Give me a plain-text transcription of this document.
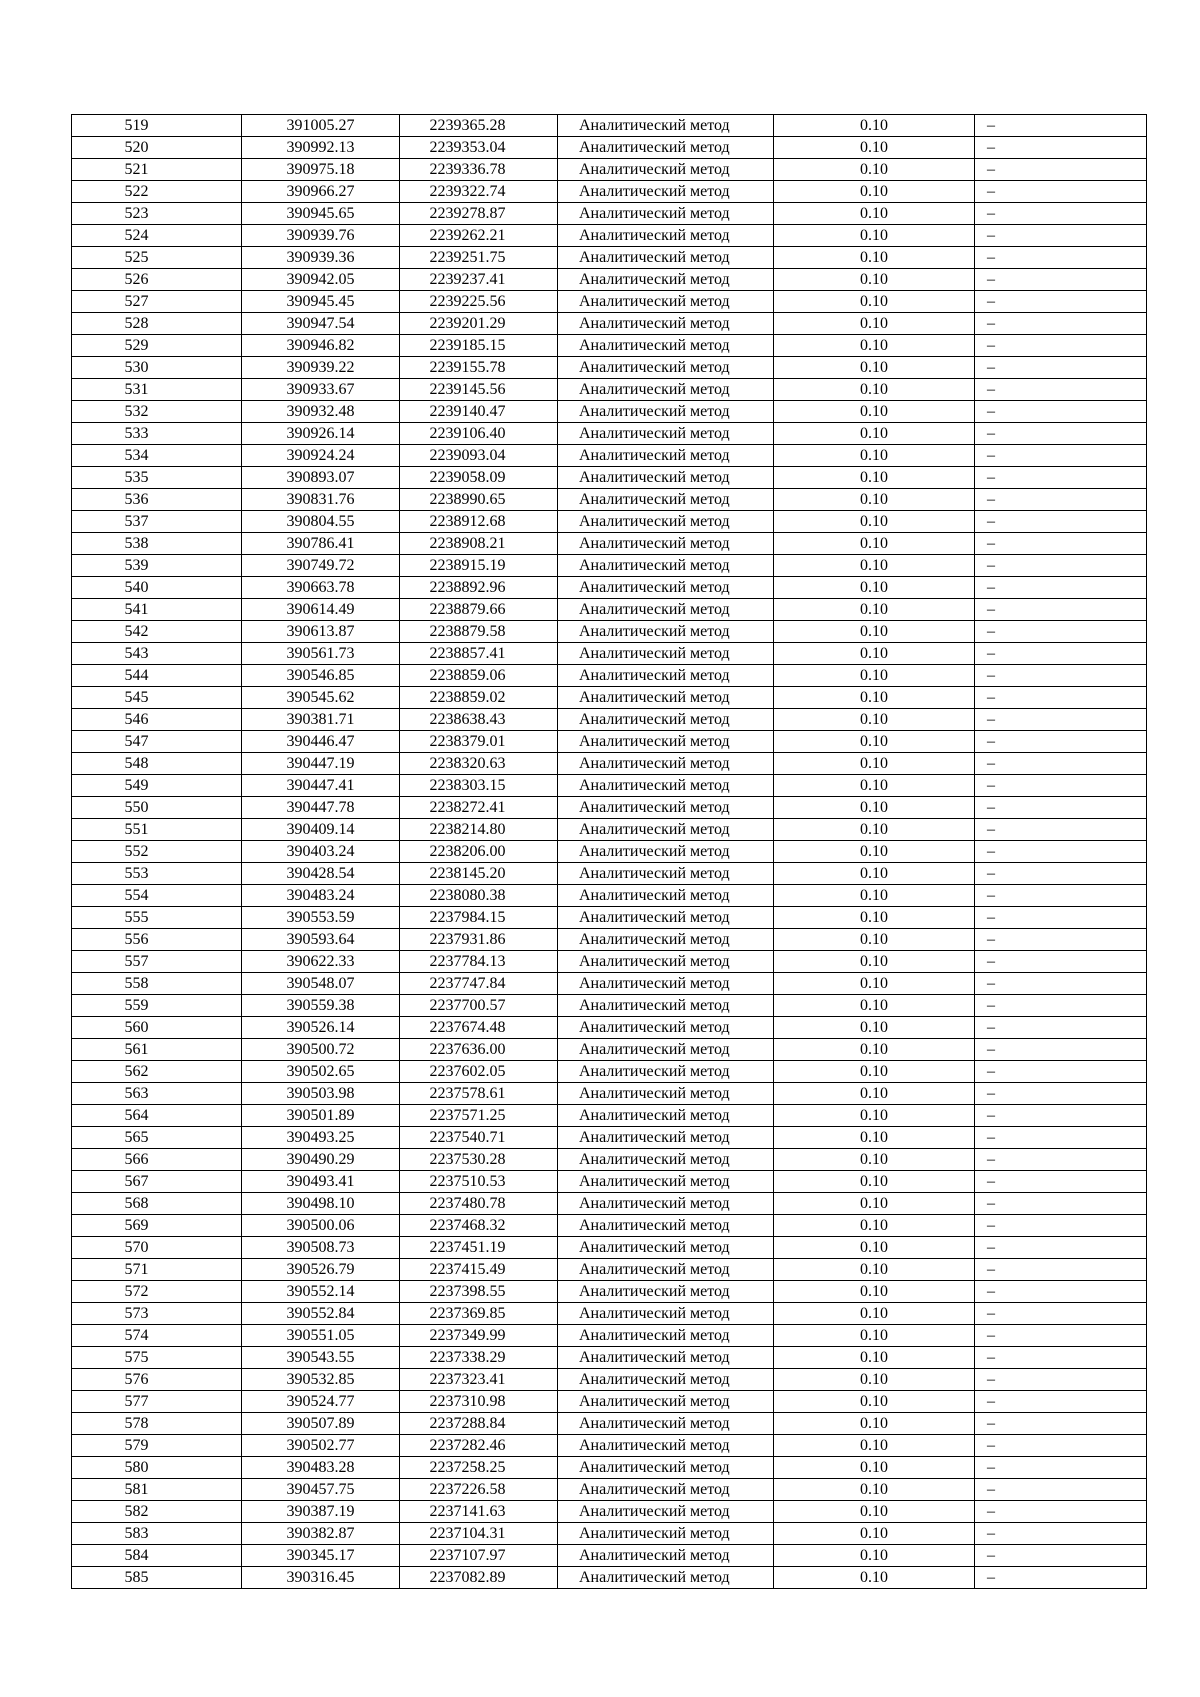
519	391005.27	2239365.28	Аналитический метод	0.10	–
520	390992.13	2239353.04	Аналитический метод	0.10	–
521	390975.18	2239336.78	Аналитический метод	0.10	–
522	390966.27	2239322.74	Аналитический метод	0.10	–
523	390945.65	2239278.87	Аналитический метод	0.10	–
524	390939.76	2239262.21	Аналитический метод	0.10	–
525	390939.36	2239251.75	Аналитический метод	0.10	–
526	390942.05	2239237.41	Аналитический метод	0.10	–
527	390945.45	2239225.56	Аналитический метод	0.10	–
528	390947.54	2239201.29	Аналитический метод	0.10	–
529	390946.82	2239185.15	Аналитический метод	0.10	–
530	390939.22	2239155.78	Аналитический метод	0.10	–
531	390933.67	2239145.56	Аналитический метод	0.10	–
532	390932.48	2239140.47	Аналитический метод	0.10	–
533	390926.14	2239106.40	Аналитический метод	0.10	–
534	390924.24	2239093.04	Аналитический метод	0.10	–
535	390893.07	2239058.09	Аналитический метод	0.10	–
536	390831.76	2238990.65	Аналитический метод	0.10	–
537	390804.55	2238912.68	Аналитический метод	0.10	–
538	390786.41	2238908.21	Аналитический метод	0.10	–
539	390749.72	2238915.19	Аналитический метод	0.10	–
540	390663.78	2238892.96	Аналитический метод	0.10	–
541	390614.49	2238879.66	Аналитический метод	0.10	–
542	390613.87	2238879.58	Аналитический метод	0.10	–
543	390561.73	2238857.41	Аналитический метод	0.10	–
544	390546.85	2238859.06	Аналитический метод	0.10	–
545	390545.62	2238859.02	Аналитический метод	0.10	–
546	390381.71	2238638.43	Аналитический метод	0.10	–
547	390446.47	2238379.01	Аналитический метод	0.10	–
548	390447.19	2238320.63	Аналитический метод	0.10	–
549	390447.41	2238303.15	Аналитический метод	0.10	–
550	390447.78	2238272.41	Аналитический метод	0.10	–
551	390409.14	2238214.80	Аналитический метод	0.10	–
552	390403.24	2238206.00	Аналитический метод	0.10	–
553	390428.54	2238145.20	Аналитический метод	0.10	–
554	390483.24	2238080.38	Аналитический метод	0.10	–
555	390553.59	2237984.15	Аналитический метод	0.10	–
556	390593.64	2237931.86	Аналитический метод	0.10	–
557	390622.33	2237784.13	Аналитический метод	0.10	–
558	390548.07	2237747.84	Аналитический метод	0.10	–
559	390559.38	2237700.57	Аналитический метод	0.10	–
560	390526.14	2237674.48	Аналитический метод	0.10	–
561	390500.72	2237636.00	Аналитический метод	0.10	–
562	390502.65	2237602.05	Аналитический метод	0.10	–
563	390503.98	2237578.61	Аналитический метод	0.10	–
564	390501.89	2237571.25	Аналитический метод	0.10	–
565	390493.25	2237540.71	Аналитический метод	0.10	–
566	390490.29	2237530.28	Аналитический метод	0.10	–
567	390493.41	2237510.53	Аналитический метод	0.10	–
568	390498.10	2237480.78	Аналитический метод	0.10	–
569	390500.06	2237468.32	Аналитический метод	0.10	–
570	390508.73	2237451.19	Аналитический метод	0.10	–
571	390526.79	2237415.49	Аналитический метод	0.10	–
572	390552.14	2237398.55	Аналитический метод	0.10	–
573	390552.84	2237369.85	Аналитический метод	0.10	–
574	390551.05	2237349.99	Аналитический метод	0.10	–
575	390543.55	2237338.29	Аналитический метод	0.10	–
576	390532.85	2237323.41	Аналитический метод	0.10	–
577	390524.77	2237310.98	Аналитический метод	0.10	–
578	390507.89	2237288.84	Аналитический метод	0.10	–
579	390502.77	2237282.46	Аналитический метод	0.10	–
580	390483.28	2237258.25	Аналитический метод	0.10	–
581	390457.75	2237226.58	Аналитический метод	0.10	–
582	390387.19	2237141.63	Аналитический метод	0.10	–
583	390382.87	2237104.31	Аналитический метод	0.10	–
584	390345.17	2237107.97	Аналитический метод	0.10	–
585	390316.45	2237082.89	Аналитический метод	0.10	–
